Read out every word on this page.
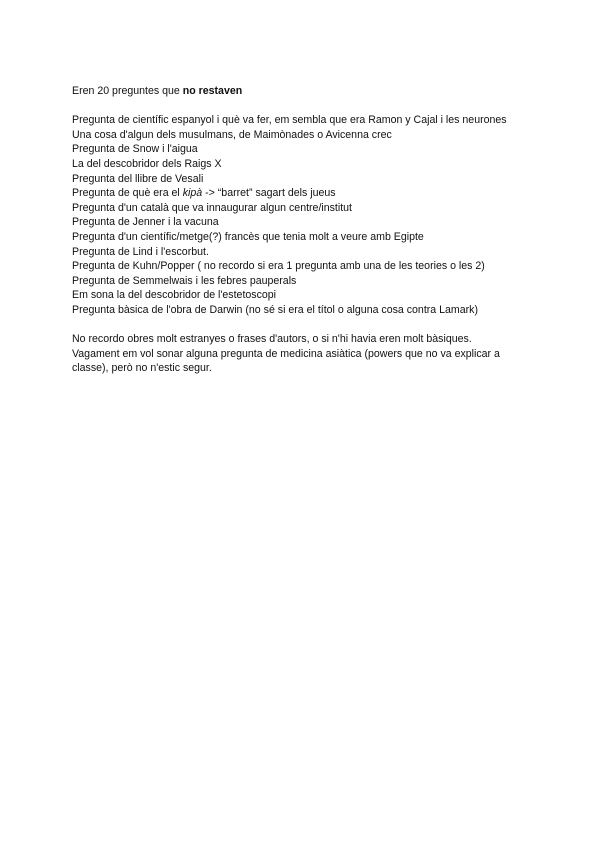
Eren 20 preguntes que no restaven
Pregunta de científic espanyol i què va fer, em sembla que era Ramon y Cajal i les neurones
Una cosa d'algun dels musulmans, de Maimònades o Avicenna crec
Pregunta de Snow i l'aigua
La del descobridor dels Raigs X
Pregunta del llibre de Vesali
Pregunta de què era el kipà -> “barret” sagart dels jueus
Pregunta d'un català que va innaugurar algun centre/institut
Pregunta de Jenner i la vacuna
Pregunta d'un científic/metge(?) francès que tenia molt a veure amb Egipte
Pregunta de Lind i l'escorbut.
Pregunta de Kuhn/Popper ( no recordo si era 1 pregunta amb una de les teories o les 2)
Pregunta de Semmelwais i les febres pauperals
Em sona la del descobridor de l'estetoscopi
Pregunta bàsica de l'obra de Darwin (no sé si era el títol o alguna cosa contra Lamark)
No recordo obres molt estranyes o frases d'autors, o si n'hi havia eren molt bàsiques.
Vagament em vol sonar alguna pregunta de medicina asiàtica (powers que no va explicar a
classe), però no n'estic segur.
